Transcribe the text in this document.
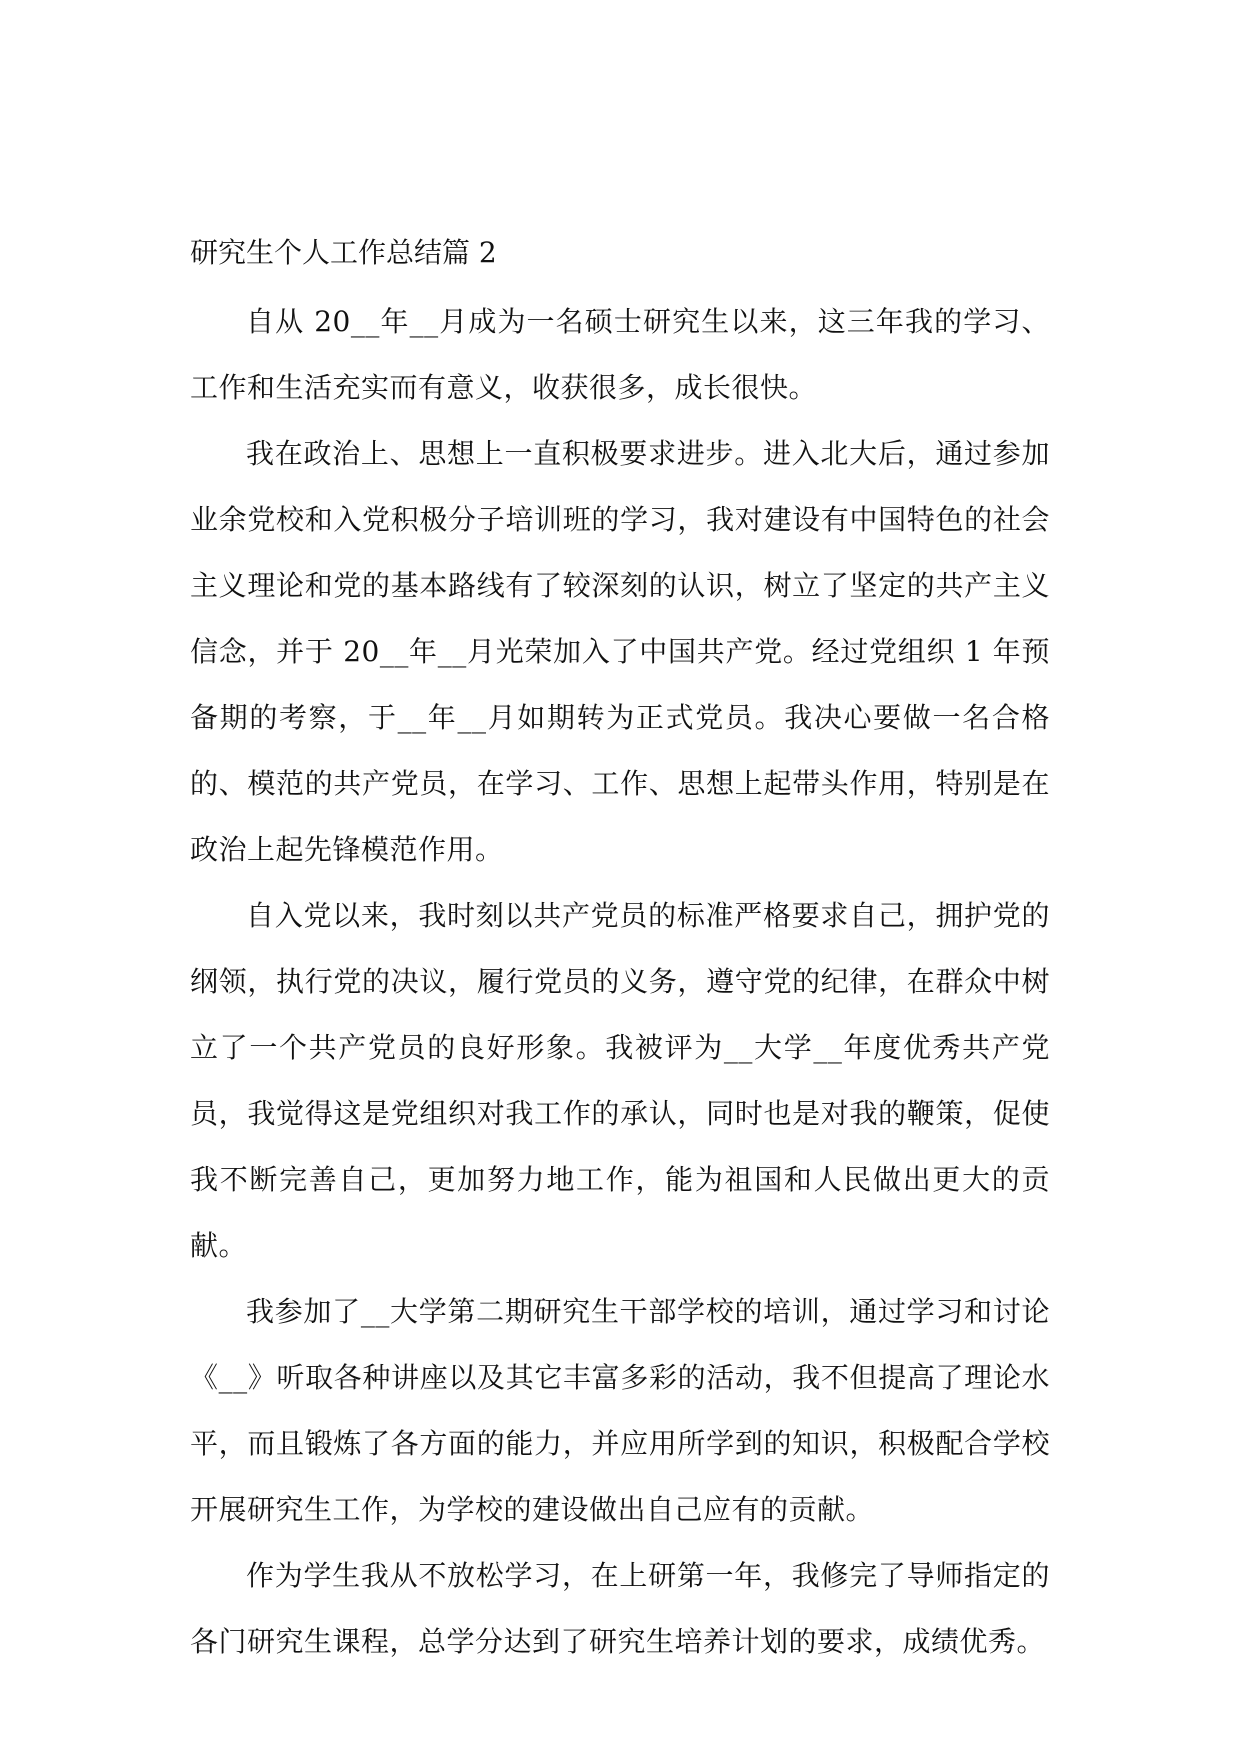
研究生个人工作总结篇 2

自从 20__年__月成为一名硕士研究生以来，这三年我的学习、工作和生活充实而有意义，收获很多，成长很快。

我在政治上、思想上一直积极要求进步。进入北大后，通过参加业余党校和入党积极分子培训班的学习，我对建设有中国特色的社会主义理论和党的基本路线有了较深刻的认识，树立了坚定的共产主义信念，并于 20__年__月光荣加入了中国共产党。经过党组织 1 年预备期的考察，于__年__月如期转为正式党员。我决心要做一名合格的、模范的共产党员，在学习、工作、思想上起带头作用，特别是在政治上起先锋模范作用。

自入党以来，我时刻以共产党员的标准严格要求自己，拥护党的纲领，执行党的决议，履行党员的义务，遵守党的纪律，在群众中树立了一个共产党员的良好形象。我被评为__大学__年度优秀共产党员，我觉得这是党组织对我工作的承认，同时也是对我的鞭策，促使我不断完善自己，更加努力地工作，能为祖国和人民做出更大的贡献。

我参加了__大学第二期研究生干部学校的培训，通过学习和讨论《__》听取各种讲座以及其它丰富多彩的活动，我不但提高了理论水平，而且锻炼了各方面的能力，并应用所学到的知识，积极配合学校开展研究生工作，为学校的建设做出自己应有的贡献。

作为学生我从不放松学习，在上研第一年，我修完了导师指定的各门研究生课程，总学分达到了研究生培养计划的要求，成绩优秀。
